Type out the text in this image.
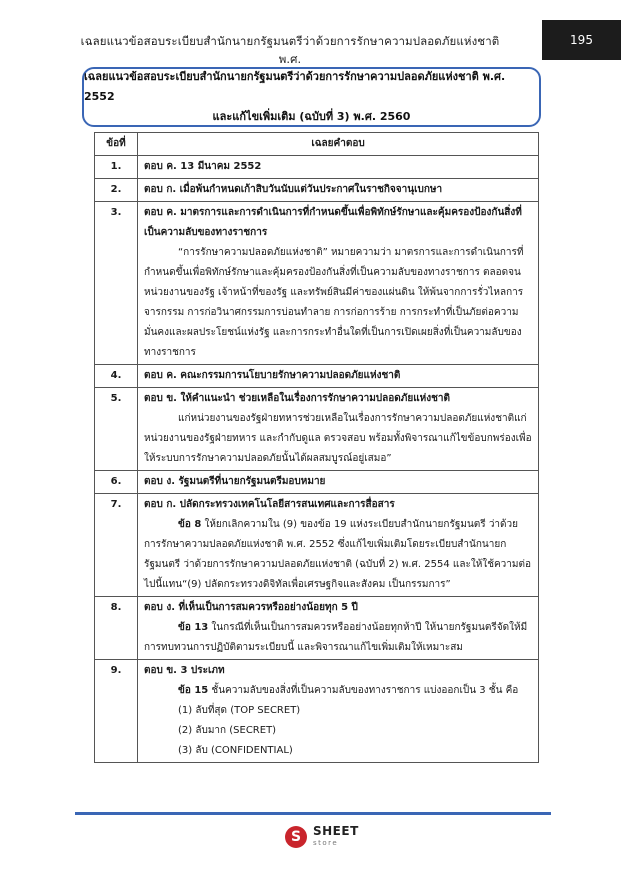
เฉลยแนวข้อสอบระเบียบสำนักนายกรัฐมนตรีว่าด้วยการรักษาความปลอดภัยแห่งชาติ พ.ศ.
195
เฉลยแนวข้อสอบระเบียบสำนักนายกรัฐมนตรีว่าด้วยการรักษาความปลอดภัยแห่งชาติ พ.ศ. 2552
และแก้ไขเพิ่มเติม (ฉบับที่ 3) พ.ศ. 2560
ข้อที่	เฉลยคำตอบ
1.	ตอบ ค. 13 มีนาคม 2552

2.	ตอบ ก. เมื่อพ้นกำหนดเก้าสิบวันนับแต่วันประกาศในราชกิจจานุเบกษา

3.	ตอบ ค. มาตรการและการดำเนินการที่กำหนดขึ้นเพื่อพิทักษ์รักษาและคุ้มครองป้องกันสิ่งที่เป็นความลับของทางราชการ
“การรักษาความปลอดภัยแห่งชาติ” หมายความว่า มาตรการและการดำเนินการที่กำหนดขึ้นเพื่อพิทักษ์รักษาและคุ้มครองป้องกันสิ่งที่เป็นความลับของทางราชการ ตลอดจนหน่วยงานของรัฐ เจ้าหน้าที่ของรัฐ และทรัพย์สินมีค่าของแผ่นดิน ให้พ้นจากการรั่วไหลการจารกรรม การก่อวินาศกรรมการบ่อนทำลาย การก่อการร้าย การกระทำที่เป็นภัยต่อความมั่นคงและผลประโยชน์แห่งรัฐ และการกระทำอื่นใดที่เป็นการเปิดเผยสิ่งที่เป็นความลับของทางราชการ

4.	ตอบ ค. คณะกรรมการนโยบายรักษาความปลอดภัยแห่งชาติ

5.	ตอบ ข. ให้คำแนะนำ ช่วยเหลือในเรื่องการรักษาความปลอดภัยแห่งชาติ
แก่หน่วยงานของรัฐฝ่ายทหารช่วยเหลือในเรื่องการรักษาความปลอดภัยแห่งชาติแก่หน่วยงานของรัฐฝ่ายทหาร และกำกับดูแล ตรวจสอบ พร้อมทั้งพิจารณาแก้ไขข้อบกพร่องเพื่อให้ระบบการรักษาความปลอดภัยนั้นได้ผลสมบูรณ์อยู่เสมอ”

6.	ตอบ ง. รัฐมนตรีที่นายกรัฐมนตรีมอบหมาย

7.	ตอบ ก. ปลัดกระทรวงเทคโนโลยีสารสนเทศและการสื่อสาร
ข้อ 8 ให้ยกเลิกความใน (9) ของข้อ 19 แห่งระเบียบสำนักนายกรัฐมนตรี ว่าด้วยการรักษาความปลอดภัยแห่งชาติ พ.ศ. 2552 ซึ่งแก้ไขเพิ่มเติมโดยระเบียบสำนักนายกรัฐมนตรี ว่าด้วยการรักษาความปลอดภัยแห่งชาติ (ฉบับที่ 2) พ.ศ. 2554 และให้ใช้ความต่อไปนี้แทน“(9) ปลัดกระทรวงดิจิทัลเพื่อเศรษฐกิจและสังคม เป็นกรรมการ”

8.	ตอบ ง. ที่เห็นเป็นการสมควรหรืออย่างน้อยทุก 5 ปี
ข้อ 13 ในกรณีที่เห็นเป็นการสมควรหรืออย่างน้อยทุกห้าปี ให้นายกรัฐมนตรีจัดให้มีการทบทวนการปฏิบัติตามระเบียบนี้ และพิจารณาแก้ไขเพิ่มเติมให้เหมาะสม

9.	ตอบ ข. 3 ประเภท
ข้อ 15 ชั้นความลับของสิ่งที่เป็นความลับของทางราชการ แบ่งออกเป็น 3 ชั้น คือ
(1) ลับที่สุด (TOP SECRET)
(2) ลับมาก (SECRET)
(3) ลับ (CONFIDENTIAL)
S SHEET
store
